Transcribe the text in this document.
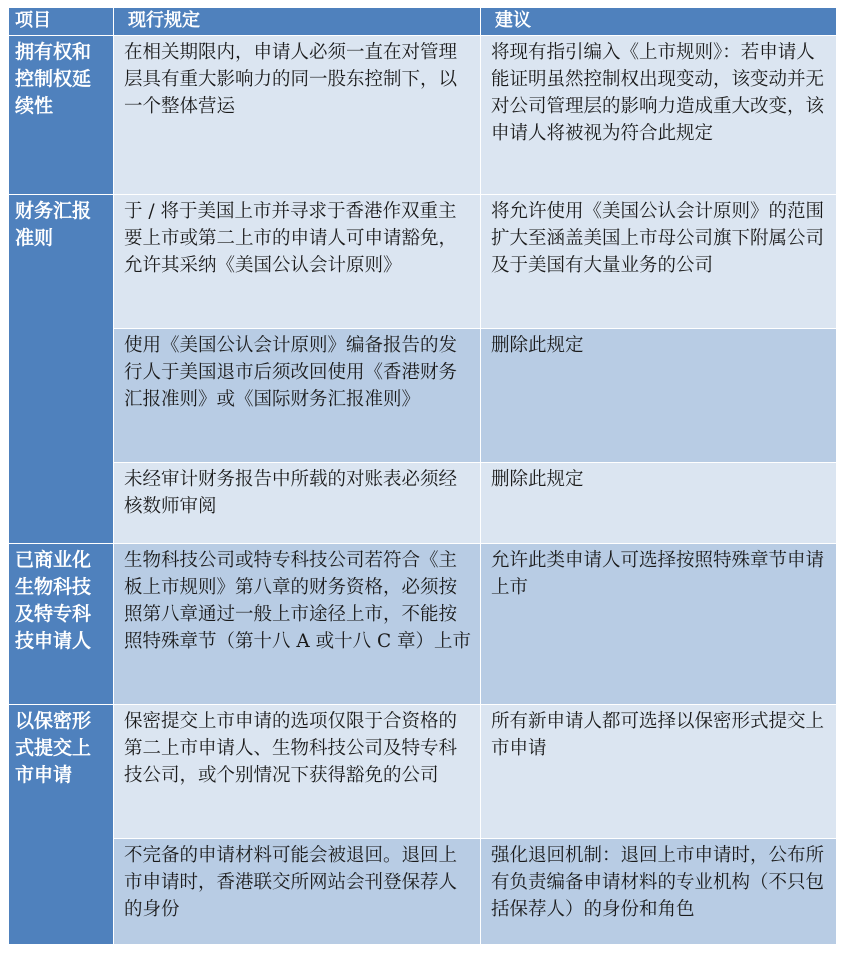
项目	现行规定	建议
拥有权和控制权延续性	在相关期限内，申请人必须一直在对管理层具有重大影响力的同一股东控制下，以一个整体营运	将现有指引编入《上市规则》：若申请人能证明虽然控制权出现变动，该变动并无对公司管理层的影响力造成重大改变，该申请人将被视为符合此规定
财务汇报准则	于 / 将于美国上市并寻求于香港作双重主要上市或第二上市的申请人可申请豁免，允许其采纳《美国公认会计原则》	将允许使用《美国公认会计原则》的范围扩大至涵盖美国上市母公司旗下附属公司及于美国有大量业务的公司
	使用《美国公认会计原则》编备报告的发行人于美国退市后须改回使用《香港财务汇报准则》或《国际财务汇报准则》	删除此规定
	未经审计财务报告中所载的对账表必须经核数师审阅	删除此规定
已商业化生物科技及特专科技申请人	生物科技公司或特专科技公司若符合《主板上市规则》第八章的财务资格，必须按照第八章通过一般上市途径上市，不能按照特殊章节（第十八 A 或十八 C 章）上市	允许此类申请人可选择按照特殊章节申请上市
以保密形式提交上市申请	保密提交上市申请的选项仅限于合资格的第二上市申请人、生物科技公司及特专科技公司，或个别情况下获得豁免的公司	所有新申请人都可选择以保密形式提交上市申请
	不完备的申请材料可能会被退回。退回上市申请时，香港联交所网站会刊登保荐人的身份	强化退回机制：退回上市申请时，公布所有负责编备申请材料的专业机构（不只包括保荐人）的身份和角色
